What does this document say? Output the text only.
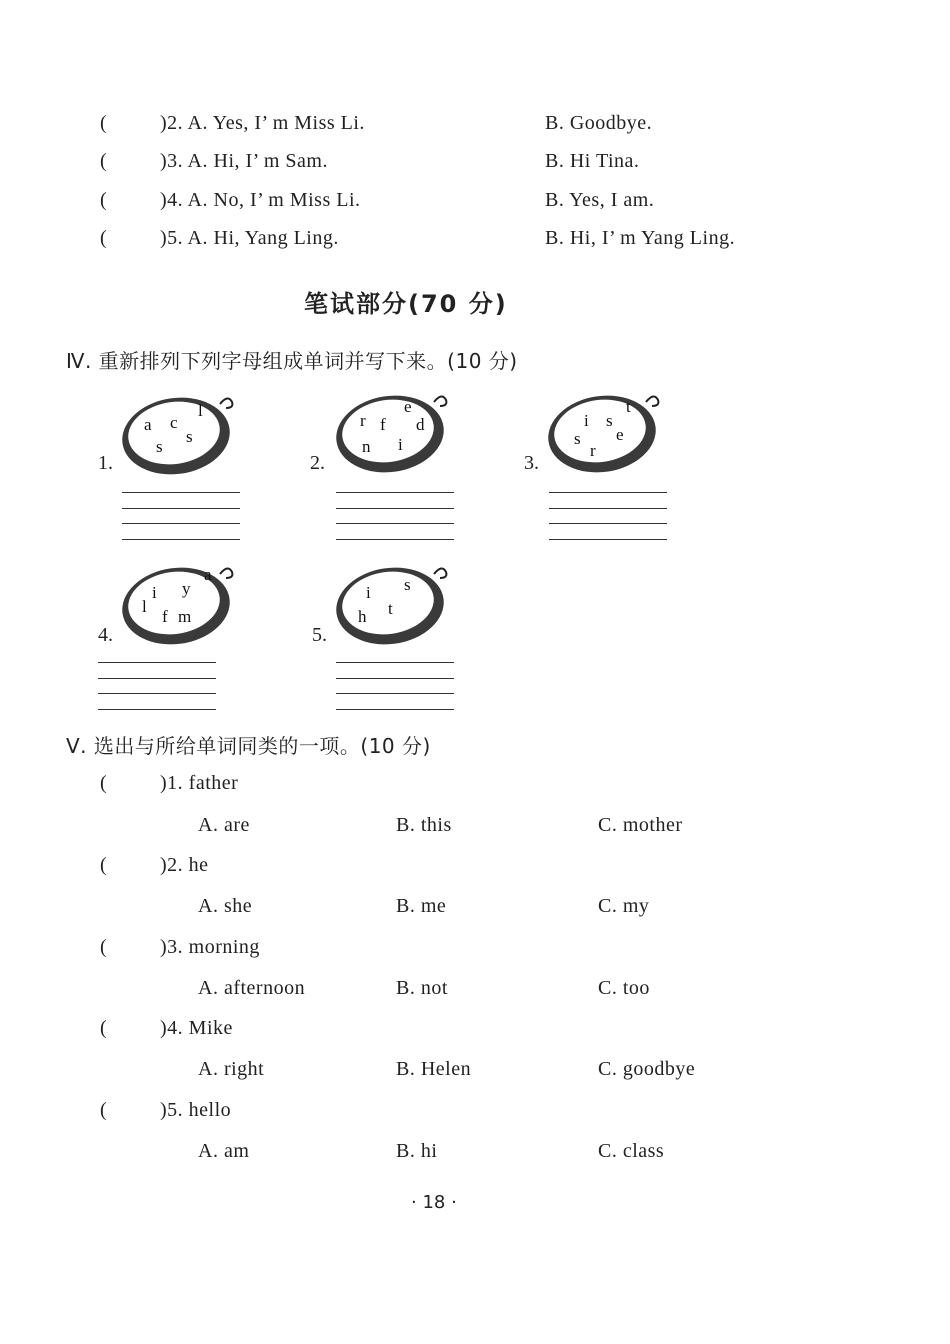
(	)2. A. Yes, I’ m Miss Li.	B. Goodbye.
(	)3. A. Hi, I’ m Sam.	B. Hi Tina.
(	)4. A. No, I’ m Miss Li.	B. Yes, I am.
(	)5. A. Hi, Yang Ling.	B. Hi, I’ m Yang Ling.
笔试部分(70 分)
Ⅳ. 重新排列下列字母组成单词并写下来。(10 分)
1.
a c
l
s
s
2.
r
e
f d
n i
3.
i s
t
s e
r
4.
a
i y
l
f m
5.
i s
h t
Ⅴ. 选出与所给单词同类的一项。(10 分)
(	)1. father
A. are	B. this	C. mother
(	)2. he
A. she	B. me	C. my
(	)3. morning
A. afternoon	B. not	C. too
(	)4. Mike
A. right	B. Helen	C. goodbye
(	)5. hello
A. am	B. hi	C. class
· 18 ·
